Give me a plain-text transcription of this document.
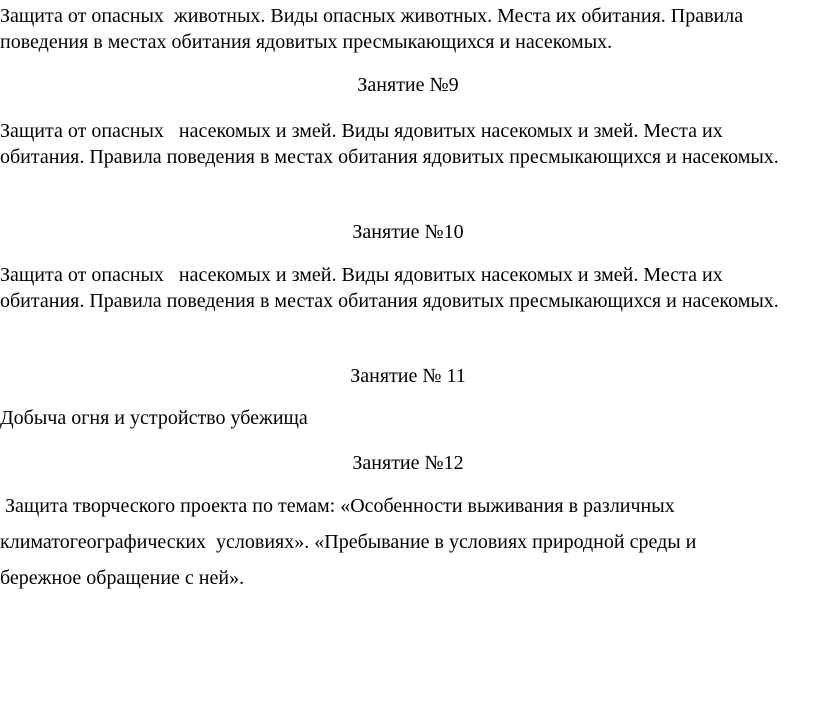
Защита от опасных  животных. Виды опасных животных. Места их обитания. Правила поведения в местах обитания ядовитых пресмыкающихся и насекомых.

Занятие №9

Защита от опасных   насекомых и змей. Виды ядовитых насекомых и змей. Места их обитания. Правила поведения в местах обитания ядовитых пресмыкающихся и насекомых.

Занятие №10

Защита от опасных   насекомых и змей. Виды ядовитых насекомых и змей. Места их обитания. Правила поведения в местах обитания ядовитых пресмыкающихся и насекомых.

Занятие № 11

Добыча огня и устройство убежища

Занятие №12

Защита творческого проекта по темам: «Особенности выживания в различных климатогеографических  условиях». «Пребывание в условиях природной среды и бережное обращение с ней».
